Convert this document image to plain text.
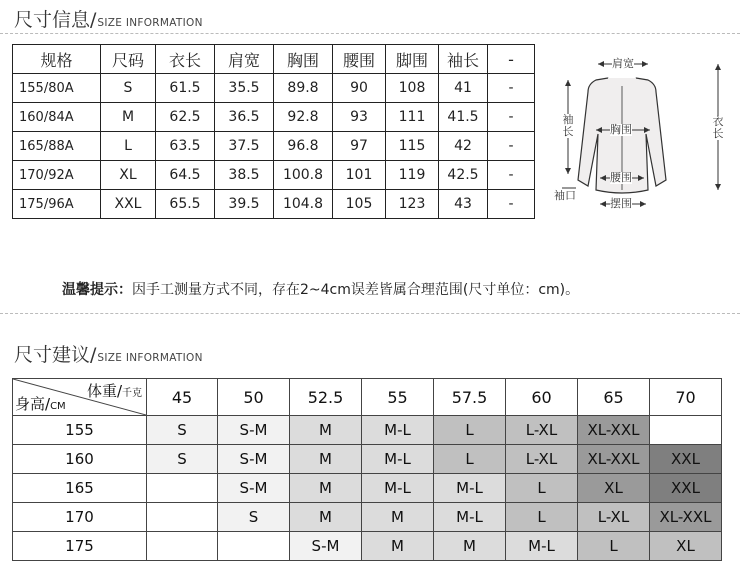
尺寸信息/ SIZE INFORMATION
规格	尺码	衣长	肩宽	胸围	腰围	脚围	袖长	-
155/80A	S	61.5	35.5	89.8	90	108	41	-
160/84A	M	62.5	36.5	92.8	93	111	41.5	-
165/88A	L	63.5	37.5	96.8	97	115	42	-
170/92A	XL	64.5	38.5	100.8	101	119	42.5	-
175/96A	XXL	65.5	39.5	104.8	105	123	43	-
肩宽
袖长	胸围
衣长
腰围
袖口
摆围
温馨提示：因手工测量方式不同，存在2~4cm误差皆属合理范围(尺寸单位：cm)。
尺寸建议/ SIZE INFORMATION
体重/千克
身高/CM	45	50	52.5	55	57.5	60	65	70
155	S	S-M	M	M-L	L	L-XL	XL-XXL	
160	S	S-M	M	M-L	L	L-XL	XL-XXL	XXL
165		S-M	M	M-L	M-L	L	XL	XXL
170		S	M	M	M-L	L	L-XL	XL-XXL
175			S-M	M	M	M-L	L	XL
